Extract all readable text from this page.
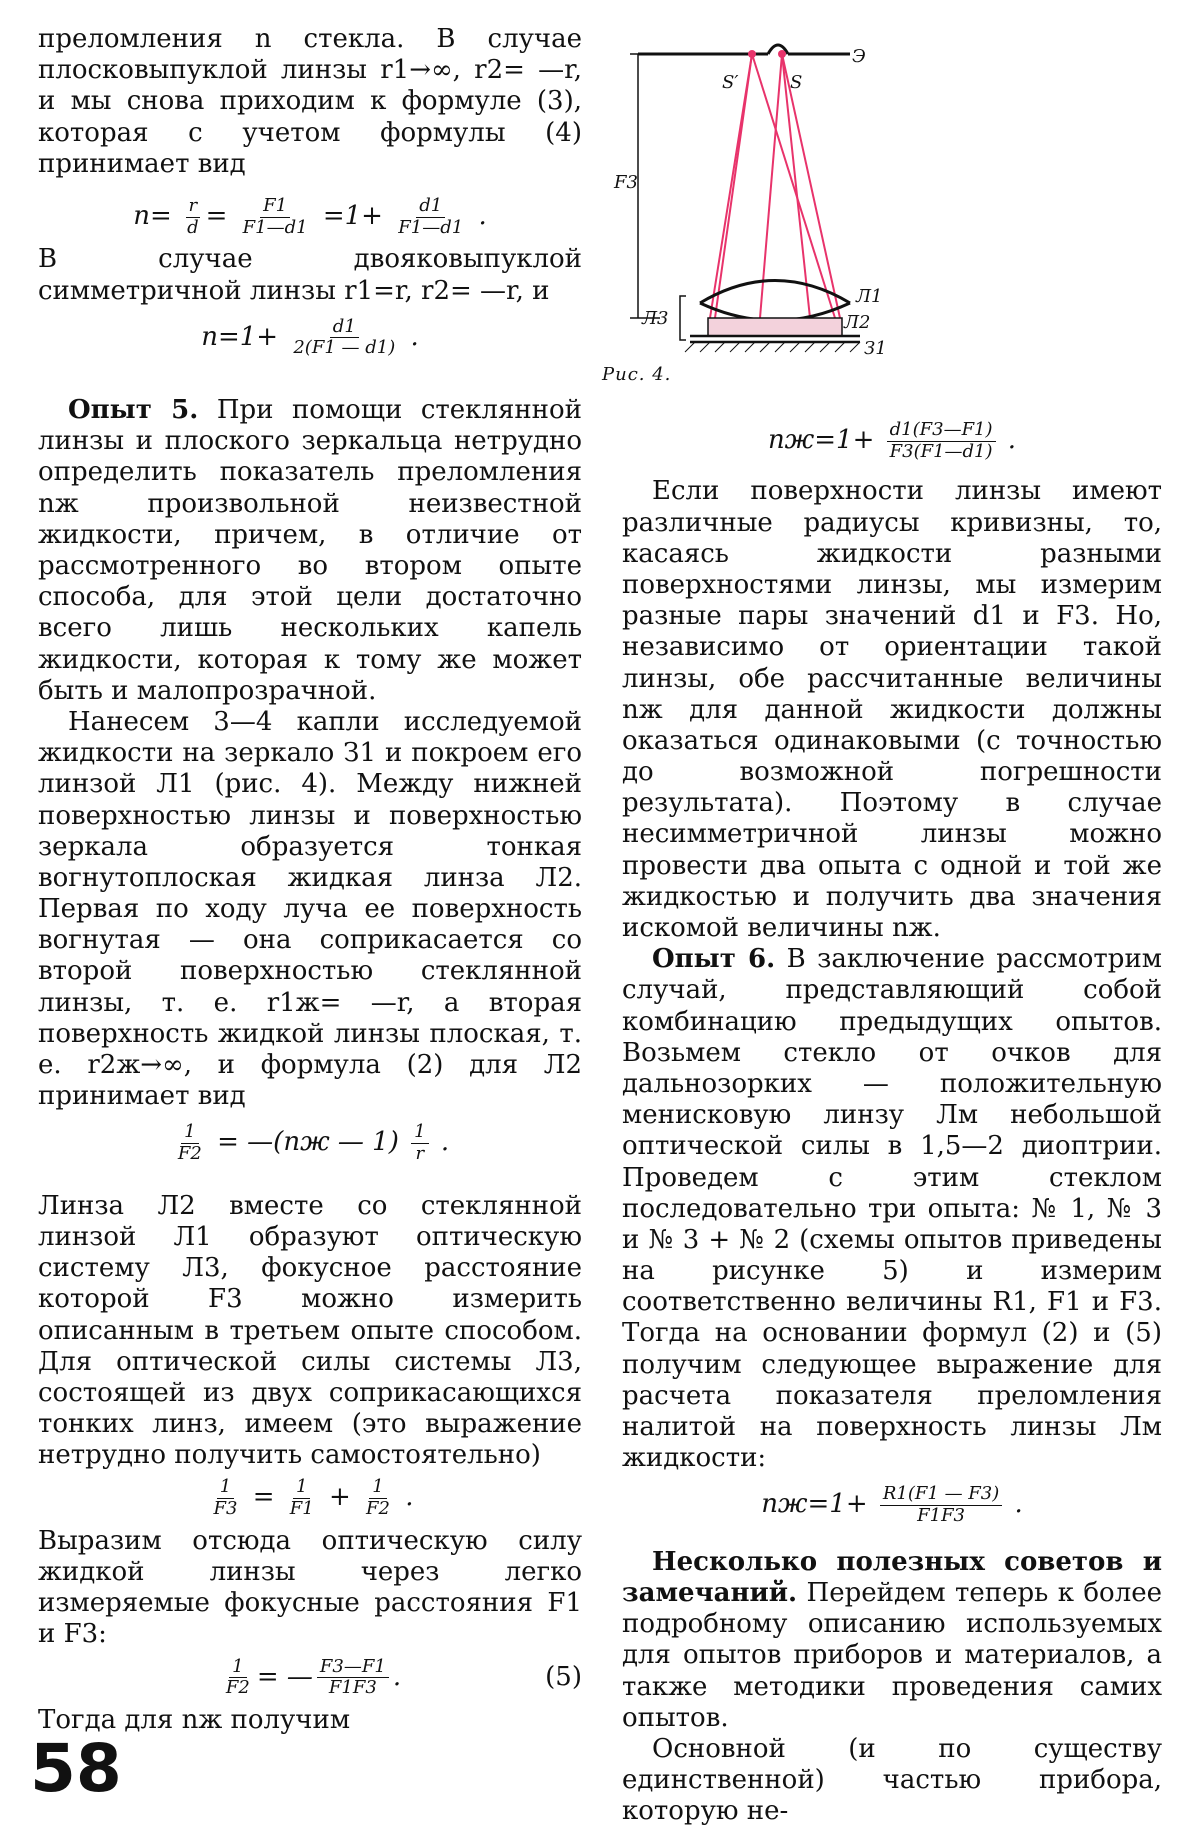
преломления n стекла. В случае плосковыпуклой линзы r1→∞, r2= —r, и мы снова приходим к формуле (3), которая с учетом формулы (4) принимает вид

$n= \frac{r}{d} = \frac{F1}{F1—d1} =1+ \frac{d1}{F1—d1}$ .

В случае двояковыпуклой симметричной линзы r1=r, r2= —r, и

$n=1+ \frac{d1}{2(F1 — d1)}$ .

Опыт 5. При помощи стеклянной линзы и плоского зеркальца нетрудно определить показатель преломления nж произвольной неизвестной жидкости, причем, в отличие от рассмотренного во втором опыте способа, для этой цели достаточно всего лишь нескольких капель жидкости, которая к тому же может быть и малопрозрачной.

Нанесем 3—4 капли исследуемой жидкости на зеркало З1 и покроем его линзой Л1 (рис. 4). Между нижней поверхностью линзы и поверхностью зеркала образуется тонкая вогнутоплоская жидкая линза Л2. Первая по ходу луча ее поверхность вогнутая — она соприкасается со второй поверхностью стеклянной линзы, т. е. r1ж= —r, а вторая поверхность жидкой линзы плоская, т. е. r2ж→∞, и формула (2) для Л2 принимает вид

$\frac{1}{F2}$ = —(nж — $1) \frac{1}{r}$ .

Линза Л2 вместе со стеклянной линзой Л1 образуют оптическую систему Л3, фокусное расстояние которой F3 можно измерить описанным в третьем опыте способом. Для оптической силы системы Л3, состоящей из двух соприкасающихся тонких линз, имеем (это выражение нетрудно получить самостоятельно)

$\frac{1}{F3} = \frac{1}{F1} + \frac{1}{F2}$ .

Выразим отсюда оптическую силу жидкой линзы через легко измеряемые фокусные расстояния F1 и F3:

$\frac{1}{F2}$ = — $\frac{F3—F1}{F1F3}$ .	(5)

Тогда для nж получим

Э
S′	S
F3
Л1
Л2
Л3
З1
Рис. 4.
$nж=1+ \frac{d1(F3—F1)}{F3(F1—d1)}$ .

Если поверхности линзы имеют различные радиусы кривизны, то, касаясь жидкости разными поверхностями линзы, мы измерим разные пары значений d1 и F3. Но, независимо от ориентации такой линзы, обе рассчитанные величины nж для данной жидкости должны оказаться одинаковыми (с точностью до возможной погрешности результата). Поэтому в случае несимметричной линзы можно провести два опыта с одной и той же жидкостью и получить два значения искомой величины nж.

Опыт 6. В заключение рассмотрим случай, представляющий собой комбинацию предыдущих опытов. Возьмем стекло от очков для дальнозорких — положительную менисковую линзу Лм небольшой оптической силы в 1,5—2 диоптрии. Проведем с этим стеклом последовательно три опыта: № 1, № 3 и № 3 + № 2 (схемы опытов приведены на рисунке 5) и измерим соответственно величины R1, F1 и F3. Тогда на основании формул (2) и (5) получим следующее выражение для расчета показателя преломления налитой на поверхность линзы Лм жидкости:

$nж=1+ \frac{R1(F1 — F3)}{F1F3}$ .

Несколько полезных советов и замечаний. Перейдем теперь к более подробному описанию используемых для опытов приборов и материалов, а также методики проведения самих опытов.

Основной (и по существу единственной) частью прибора, которую не-

58
